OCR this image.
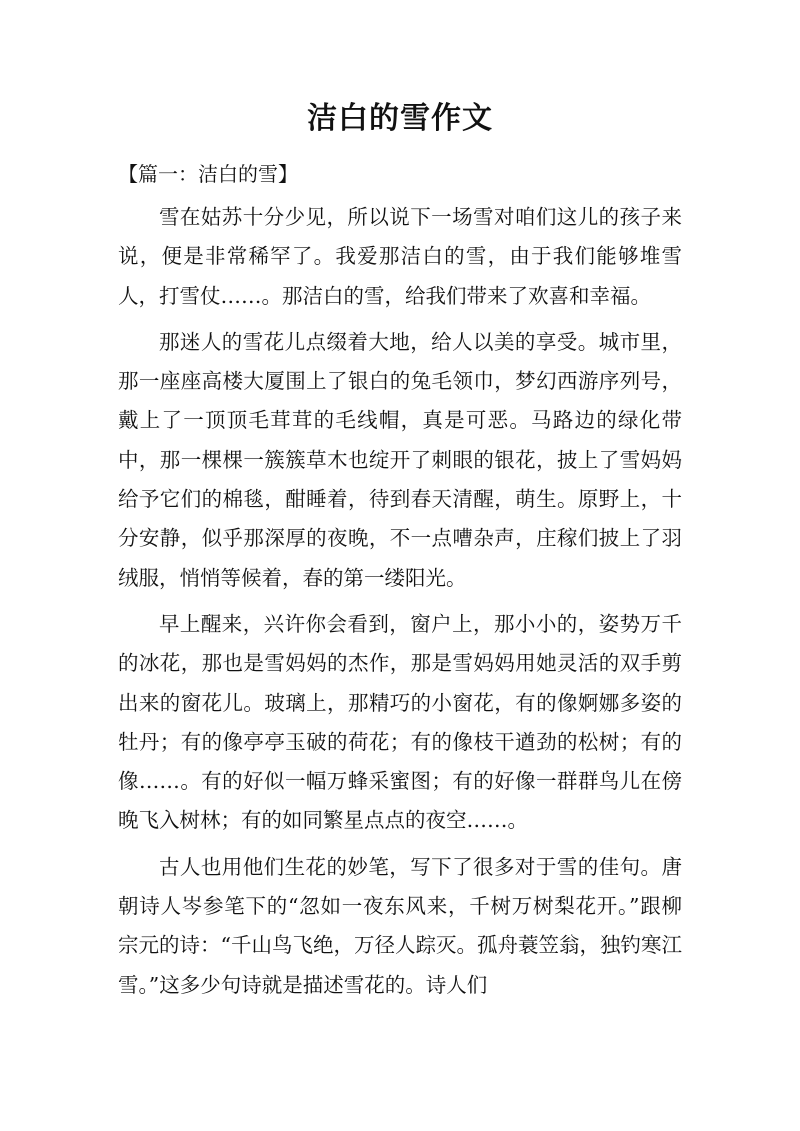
洁白的雪作文
【篇一：洁白的雪】

雪在姑苏十分少见，所以说下一场雪对咱们这儿的孩子来说，便是非常稀罕了。我爱那洁白的雪，由于我们能够堆雪人，打雪仗……。那洁白的雪，给我们带来了欢喜和幸福。

那迷人的雪花儿点缀着大地，给人以美的享受。城市里，那一座座高楼大厦围上了银白的兔毛领巾，梦幻西游序列号，戴上了一顶顶毛茸茸的毛线帽，真是可恶。马路边的绿化带中，那一棵棵一簇簇草木也绽开了刺眼的银花，披上了雪妈妈给予它们的棉毯，酣睡着，待到春天清醒，萌生。原野上，十分安静，似乎那深厚的夜晚，不一点嘈杂声，庄稼们披上了羽绒服，悄悄等候着，春的第一缕阳光。

早上醒来，兴许你会看到，窗户上，那小小的，姿势万千的冰花，那也是雪妈妈的杰作，那是雪妈妈用她灵活的双手剪出来的窗花儿。玻璃上，那精巧的小窗花，有的像婀娜多姿的牡丹；有的像亭亭玉破的荷花；有的像枝干遒劲的松树；有的像……。有的好似一幅万蜂采蜜图；有的好像一群群鸟儿在傍晚飞入树林；有的如同繁星点点的夜空……。

古人也用他们生花的妙笔，写下了很多对于雪的佳句。唐朝诗人岑参笔下的“忽如一夜东风来，千树万树梨花开。”跟柳宗元的诗：“千山鸟飞绝，万径人踪灭。孤舟蓑笠翁，独钓寒江雪。”这多少句诗就是描述雪花的。诗人们
